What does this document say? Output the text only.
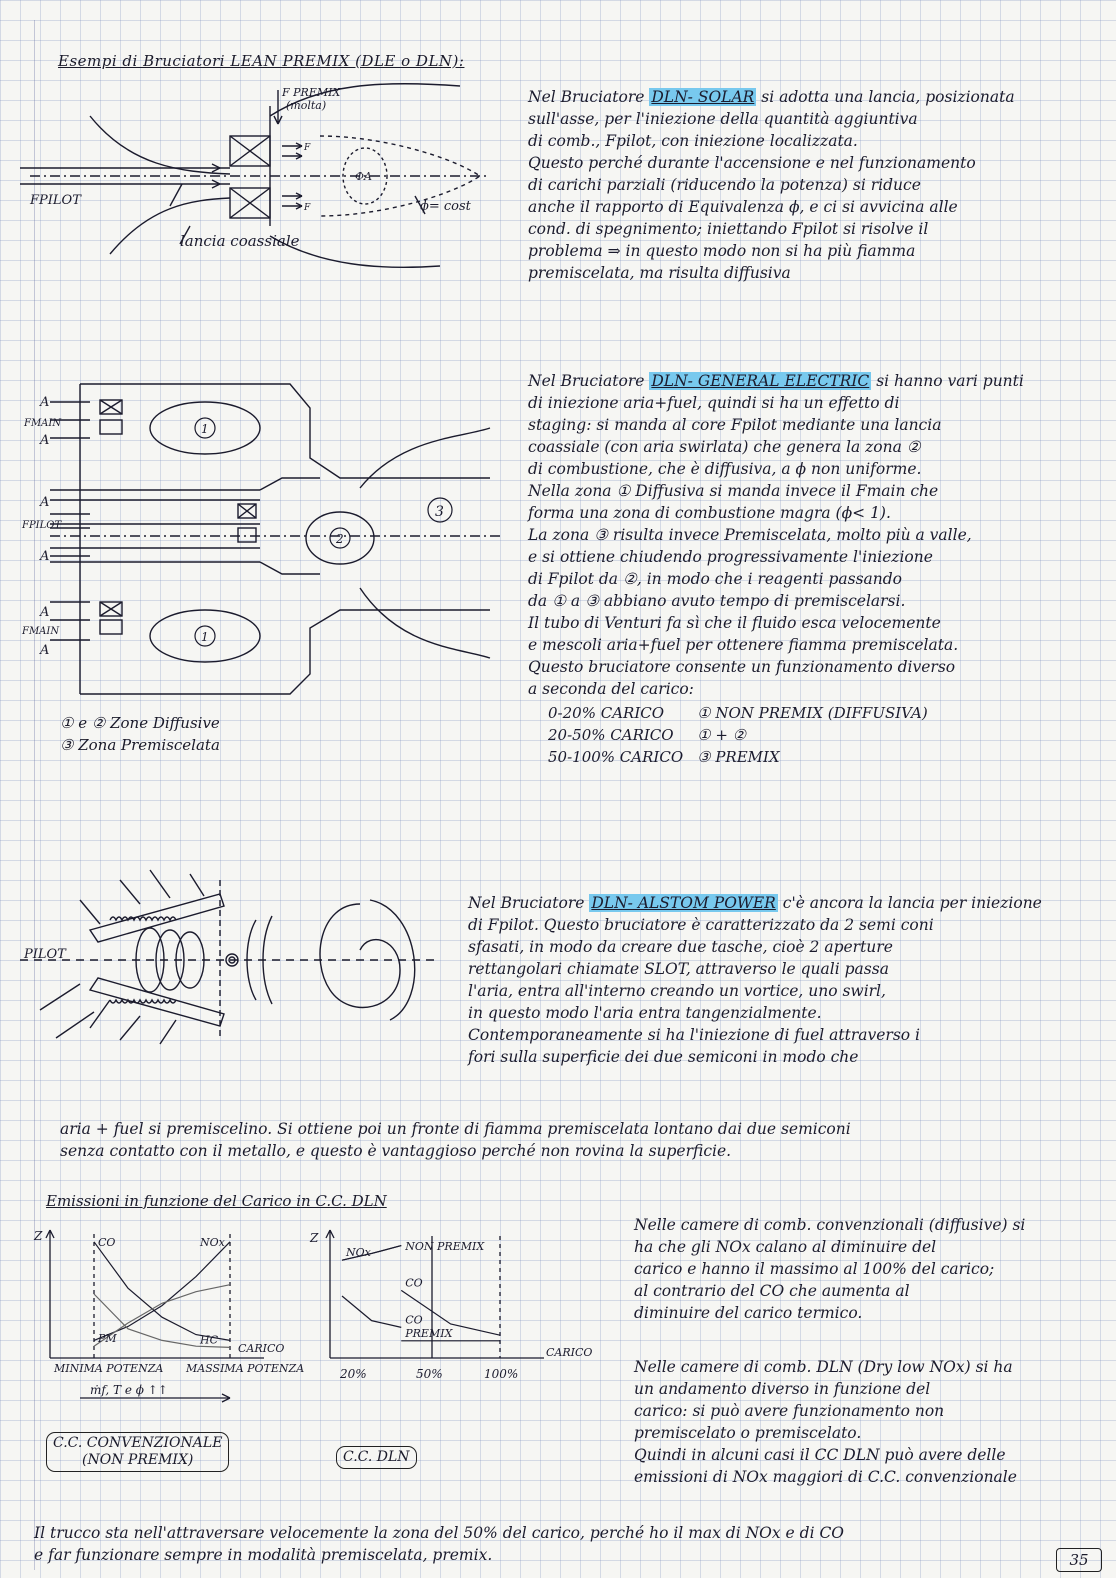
Esempi di Bruciatori LEAN PREMIX (DLE o DLN):
F PREMIX
(molta)
ΦA
ϕ= cost
FPILOT
lancia coassiale
F
F

Nel Bruciatore DLN- SOLAR si adotta una lancia, posizionata

sull'asse, per l'iniezione della quantità aggiuntiva

di comb., Fpilot, con iniezione localizzata.

Questo perché durante l'accensione e nel funzionamento

di carichi parziali (riducendo la potenza) si riduce

anche il rapporto di Equivalenza ϕ, e ci si avvicina alle

cond. di spegnimento; iniettando Fpilot si risolve il

problema ⇒ in questo modo non si ha più fiamma

premiscelata, ma risulta diffusiva

A
FMAIN
A
A
FPILOT
A
A
FMAIN
A
1
1
2
3
① e ② Zone Diffusive
③ Zona Premiscelata

Nel Bruciatore DLN- GENERAL ELECTRIC si hanno vari punti

di iniezione aria+fuel, quindi si ha un effetto di

staging: si manda al core Fpilot mediante una lancia

coassiale (con aria swirlata) che genera la zona ②

di combustione, che è diffusiva, a ϕ non uniforme.

Nella zona ① Diffusiva si manda invece il Fmain che

forma una zona di combustione magra (ϕ< 1).

La zona ③ risulta invece Premiscelata, molto più a valle,

e si ottiene chiudendo progressivamente l'iniezione

di Fpilot da ②, in modo che i reagenti passando

da ① a ③ abbiano avuto tempo di premiscelarsi.

Il tubo di Venturi fa sì che il fluido esca velocemente

e mescoli aria+fuel per ottenere fiamma premiscelata.

Questo bruciatore consente un funzionamento diverso

a seconda del carico:

0-20% CARICO	① NON PREMIX (DIFFUSIVA)
20-50% CARICO	① + ②
50-100% CARICO	③ PREMIX
PILOT

Nel Bruciatore DLN- ALSTOM POWER c'è ancora la lancia per iniezione

di Fpilot. Questo bruciatore è caratterizzato da 2 semi coni

sfasati, in modo da creare due tasche, cioè 2 aperture

rettangolari chiamate SLOT, attraverso le quali passa

l'aria, entra all'interno creando un vortice, uno swirl,

in questo modo l'aria entra tangenzialmente.

Contemporaneamente si ha l'iniezione di fuel attraverso i

fori sulla superficie dei due semiconi in modo che

aria + fuel si premiscelino. Si ottiene poi un fronte di fiamma premiscelata lontano dai due semiconi

senza contatto con il metallo, e questo è vantaggioso perché non rovina la superficie.

Emissioni in funzione del Carico in C.C. DLN
CO	NOx
PM	HC
Z
CARICO
MINIMA POTENZA MASSIMA POTENZA
ṁf, T e ϕ ↑↑
C.C. CONVENZIONALE
(NON PREMIX)
NOx
CO
CO
NON PREMIX
PREMIX
Z
CARICO
20%	50%	100%
C.C. DLN

Nelle camere di comb. convenzionali (diffusive) si

ha che gli NOx calano al diminuire del

carico e hanno il massimo al 100% del carico;

al contrario del CO che aumenta al

diminuire del carico termico.

Nelle camere di comb. DLN (Dry low NOx) si ha

un andamento diverso in funzione del

carico: si può avere funzionamento non

premiscelato o premiscelato.

Quindi in alcuni casi il CC DLN può avere delle

emissioni di NOx maggiori di C.C. convenzionale

Il trucco sta nell'attraversare velocemente la zona del 50% del carico, perché ho il max di NOx e di CO

e far funzionare sempre in modalità premiscelata, premix.	35
